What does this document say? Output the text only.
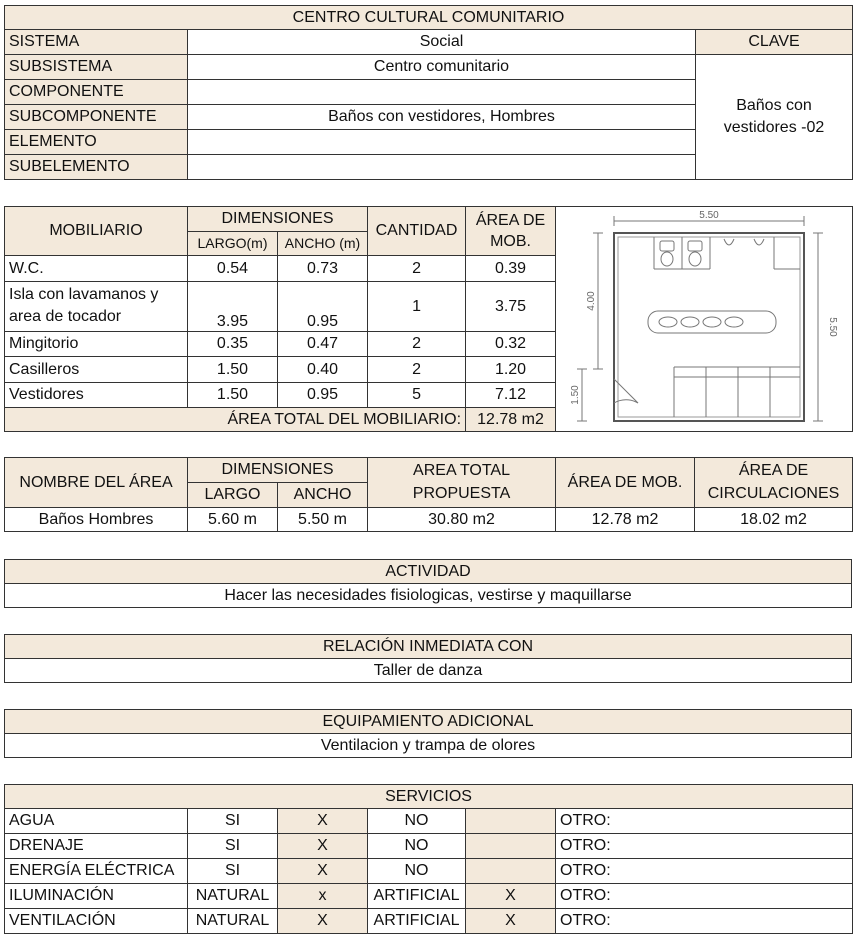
CENTRO CULTURAL COMUNITARIO		
SISTEMA	Social	CLAVE
SUBSISTEMA	Centro comunitario	Baños con vestidores -02
COMPONENTE		
SUBCOMPONENTE	Baños con vestidores, Hombres	
ELEMENTO		
SUBELEMENTO		
MOBILIARIO	DIMENSIONES		CANTIDAD	ÁREA DE MOB.	5.50
5.50
4.00
1.50

	LARGO(m)	ANCHO (m)			
W.C.	0.54	0.73	2	0.39	
Isla con lavamanos y area de tocador	3.95	0.95	1	3.75	
Mingitorio	0.35	0.47	2	0.32	
Casilleros	1.50	0.40	2	1.20	
Vestidores	1.50	0.95	5	7.12	
ÁREA TOTAL DEL MOBILIARIO:				12.78 m2	
NOMBRE DEL ÁREA	DIMENSIONES		AREA TOTAL PROPUESTA	ÁREA DE MOB.	ÁREA DE CIRCULACIONES
	LARGO	ANCHO			
Baños Hombres	5.60 m	5.50 m	30.80 m2	12.78 m2	18.02 m2
ACTIVIDAD
Hacer las necesidades fisiologicas, vestirse y maquillarse
RELACIÓN INMEDIATA CON
Taller de danza
EQUIPAMIENTO ADICIONAL
Ventilacion y trampa de olores
SERVICIOS					
AGUA	SI	X	NO		OTRO:
DRENAJE	SI	X	NO		OTRO:
ENERGÍA ELÉCTRICA	SI	X	NO		OTRO:
ILUMINACIÓN	NATURAL	x	ARTIFICIAL	X	OTRO:
VENTILACIÓN	NATURAL	X	ARTIFICIAL	X	OTRO:
